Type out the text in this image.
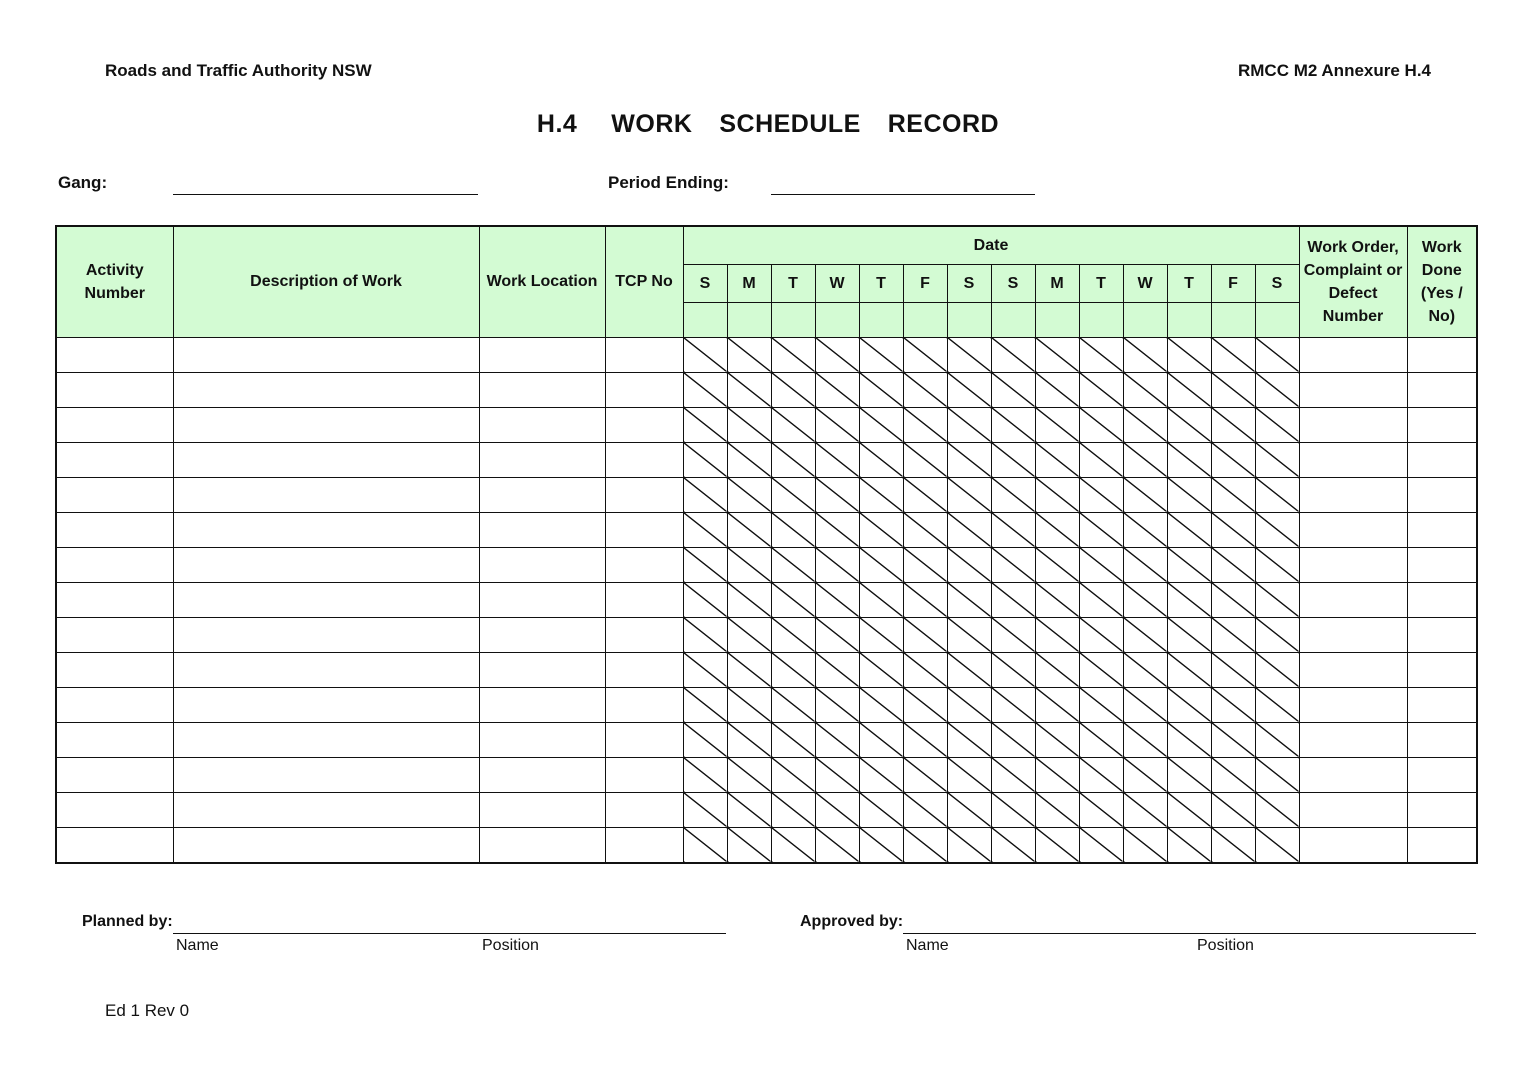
Roads and Traffic Authority NSW	RMCC M2 Annexure H.4
H.4 WORK  SCHEDULE  RECORD
Gang:	Period Ending:
Activity Number	Description of Work	Work Location	TCP No	Date														Work Order, Complaint or Defect Number	Work Done (Yes / No)
				S	M	T	W	T	F	S	S	M	T	W	T	F	S		

Planned by:
Name	Position
Approved by:
Name	Position
Ed 1 Rev 0
